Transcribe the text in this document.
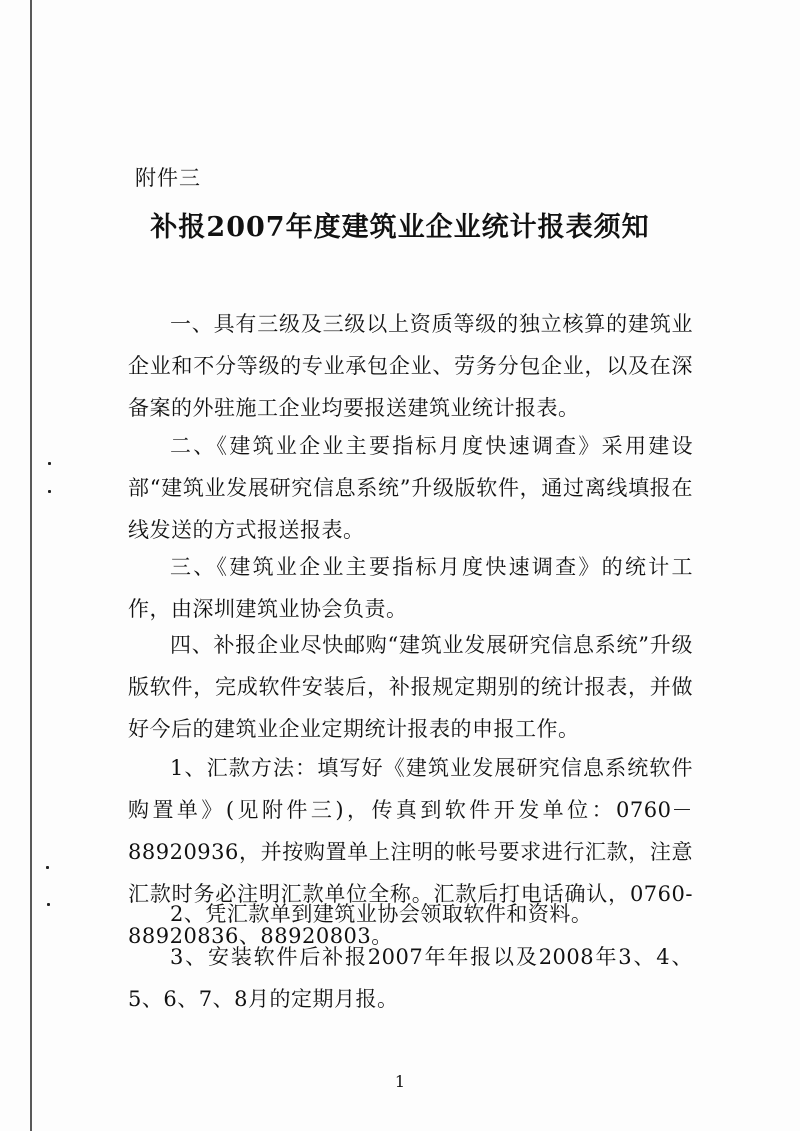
附件三
补报2007年度建筑业企业统计报表须知

一、具有三级及三级以上资质等级的独立核算的建筑业企业和不分等级的专业承包企业、劳务分包企业，以及在深备案的外驻施工企业均要报送建筑业统计报表。

二、《建筑业企业主要指标月度快速调查》采用建设部“建筑业发展研究信息系统”升级版软件，通过离线填报在线发送的方式报送报表。

三、《建筑业企业主要指标月度快速调查》的统计工作，由深圳建筑业协会负责。

四、补报企业尽快邮购“建筑业发展研究信息系统”升级版软件，完成软件安装后，补报规定期别的统计报表，并做好今后的建筑业企业定期统计报表的申报工作。

1、汇款方法：填写好《建筑业发展研究信息系统软件购置单》(见附件三)，传真到软件开发单位：0760－88920936，并按购置单上注明的帐号要求进行汇款，注意汇款时务必注明汇款单位全称。汇款后打电话确认，0760-88920836、88920803。

2、凭汇款单到建筑业协会领取软件和资料。

3、安装软件后补报2007年年报以及2008年3、4、5、6、7、8月的定期月报。

1
